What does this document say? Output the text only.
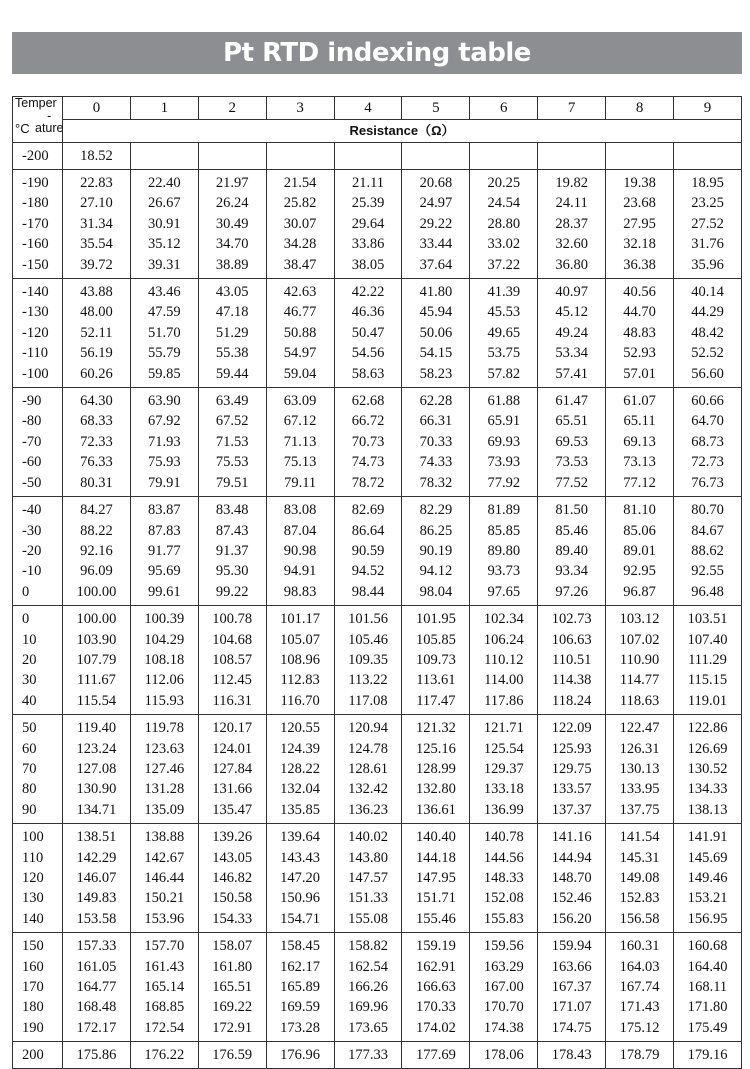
Pt RTD indexing table
Temper
-ature
°C	0	1	2	3	4	5	6	7	8	9
	Resistance（Ω）									
-200	18.52									
-190	22.83	22.40	21.97	21.54	21.11	20.68	20.25	19.82	19.38	18.95
-180	27.10	26.67	26.24	25.82	25.39	24.97	24.54	24.11	23.68	23.25
-170	31.34	30.91	30.49	30.07	29.64	29.22	28.80	28.37	27.95	27.52
-160	35.54	35.12	34.70	34.28	33.86	33.44	33.02	32.60	32.18	31.76
-150	39.72	39.31	38.89	38.47	38.05	37.64	37.22	36.80	36.38	35.96
-140	43.88	43.46	43.05	42.63	42.22	41.80	41.39	40.97	40.56	40.14
-130	48.00	47.59	47.18	46.77	46.36	45.94	45.53	45.12	44.70	44.29
-120	52.11	51.70	51.29	50.88	50.47	50.06	49.65	49.24	48.83	48.42
-110	56.19	55.79	55.38	54.97	54.56	54.15	53.75	53.34	52.93	52.52
-100	60.26	59.85	59.44	59.04	58.63	58.23	57.82	57.41	57.01	56.60
-90	64.30	63.90	63.49	63.09	62.68	62.28	61.88	61.47	61.07	60.66
-80	68.33	67.92	67.52	67.12	66.72	66.31	65.91	65.51	65.11	64.70
-70	72.33	71.93	71.53	71.13	70.73	70.33	69.93	69.53	69.13	68.73
-60	76.33	75.93	75.53	75.13	74.73	74.33	73.93	73.53	73.13	72.73
-50	80.31	79.91	79.51	79.11	78.72	78.32	77.92	77.52	77.12	76.73
-40	84.27	83.87	83.48	83.08	82.69	82.29	81.89	81.50	81.10	80.70
-30	88.22	87.83	87.43	87.04	86.64	86.25	85.85	85.46	85.06	84.67
-20	92.16	91.77	91.37	90.98	90.59	90.19	89.80	89.40	89.01	88.62
-10	96.09	95.69	95.30	94.91	94.52	94.12	93.73	93.34	92.95	92.55
0	100.00	99.61	99.22	98.83	98.44	98.04	97.65	97.26	96.87	96.48
0	100.00	100.39	100.78	101.17	101.56	101.95	102.34	102.73	103.12	103.51
10	103.90	104.29	104.68	105.07	105.46	105.85	106.24	106.63	107.02	107.40
20	107.79	108.18	108.57	108.96	109.35	109.73	110.12	110.51	110.90	111.29
30	111.67	112.06	112.45	112.83	113.22	113.61	114.00	114.38	114.77	115.15
40	115.54	115.93	116.31	116.70	117.08	117.47	117.86	118.24	118.63	119.01
50	119.40	119.78	120.17	120.55	120.94	121.32	121.71	122.09	122.47	122.86
60	123.24	123.63	124.01	124.39	124.78	125.16	125.54	125.93	126.31	126.69
70	127.08	127.46	127.84	128.22	128.61	128.99	129.37	129.75	130.13	130.52
80	130.90	131.28	131.66	132.04	132.42	132.80	133.18	133.57	133.95	134.33
90	134.71	135.09	135.47	135.85	136.23	136.61	136.99	137.37	137.75	138.13
100	138.51	138.88	139.26	139.64	140.02	140.40	140.78	141.16	141.54	141.91
110	142.29	142.67	143.05	143.43	143.80	144.18	144.56	144.94	145.31	145.69
120	146.07	146.44	146.82	147.20	147.57	147.95	148.33	148.70	149.08	149.46
130	149.83	150.21	150.58	150.96	151.33	151.71	152.08	152.46	152.83	153.21
140	153.58	153.96	154.33	154.71	155.08	155.46	155.83	156.20	156.58	156.95
150	157.33	157.70	158.07	158.45	158.82	159.19	159.56	159.94	160.31	160.68
160	161.05	161.43	161.80	162.17	162.54	162.91	163.29	163.66	164.03	164.40
170	164.77	165.14	165.51	165.89	166.26	166.63	167.00	167.37	167.74	168.11
180	168.48	168.85	169.22	169.59	169.96	170.33	170.70	171.07	171.43	171.80
190	172.17	172.54	172.91	173.28	173.65	174.02	174.38	174.75	175.12	175.49
200	175.86	176.22	176.59	176.96	177.33	177.69	178.06	178.43	178.79	179.16
